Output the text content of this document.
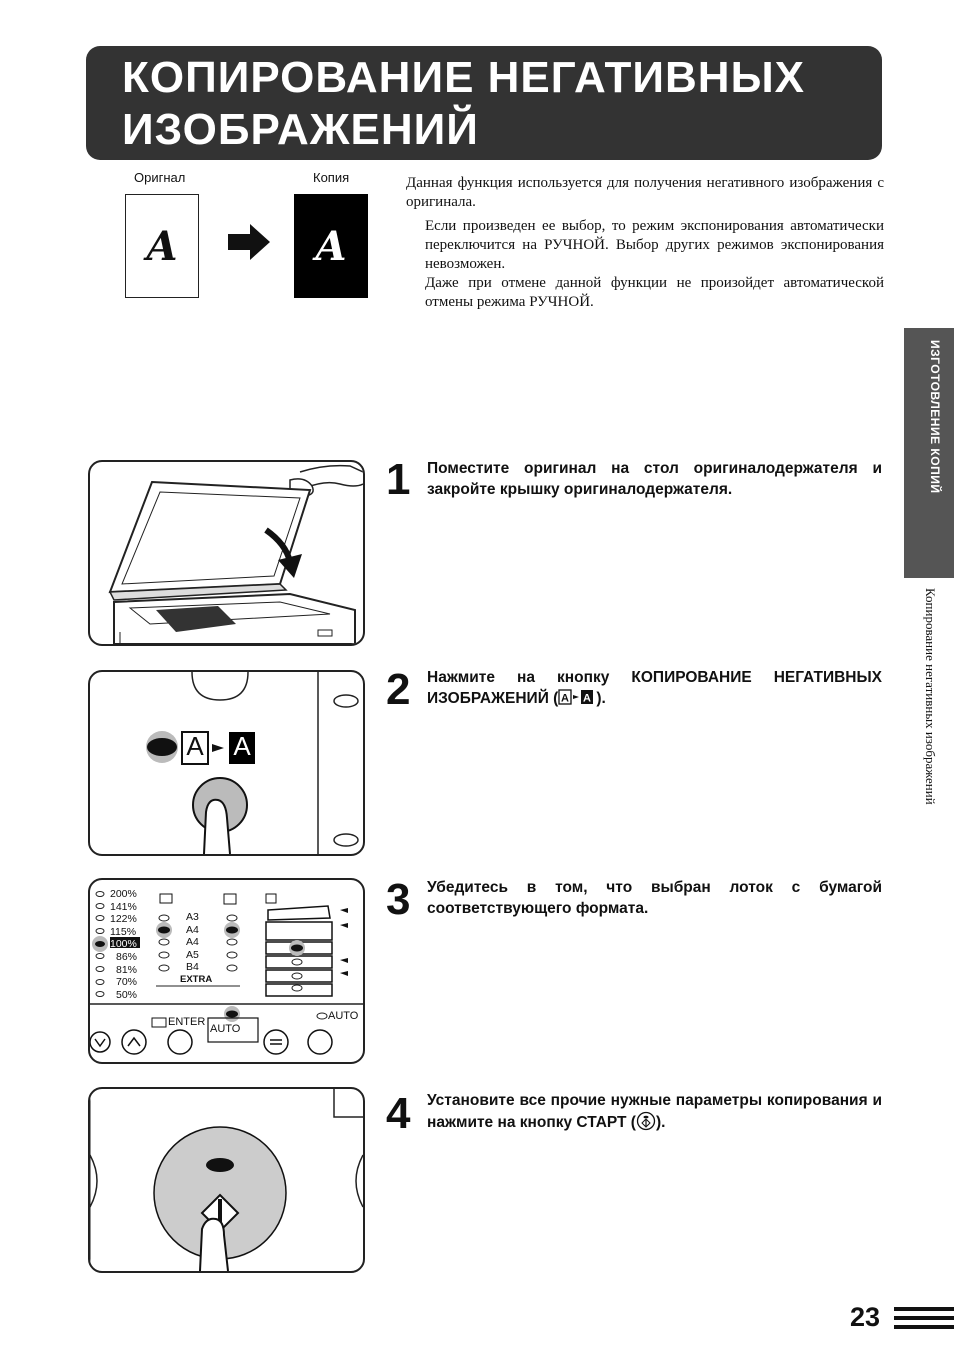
КОПИРОВАНИЕ НЕГАТИВНЫХ
ИЗОБРАЖЕНИЙ
Оригнал	Копия
A	A

Данная функция используется для получения негативного изображения с оригинала.

Если произведен ее выбор, то режим экспонирования автоматически переключится на РУЧНОЙ. Выбор других режимов экспонирования невозможен.

Даже при отмене данной функции не произойдет автоматической отмены режима РУЧНОЙ.

ИЗГОТОВЛЕНИЕ КОПИЙ
Копирование негативных изображений
1 Поместите оригинал на стол оригиналодержателя и закройте крышку оригиналодержателя.
A A
2 Нажмите на кнопку КОПИРОВАНИЕ НЕГАТИВНЫХ ИЗОБРАЖЕНИЙ ( A A ).
200%
141%
122%
115%
100%
86%
81%
70%
50%
A3
A4
A4
A5
B4
EXTRA
ENTER
AUTO
AUTO
3 Убедитесь в том, что выбран лоток с бумагой соответствующего формата.
4 Установите все прочие нужные параметры копирования и нажмите на кнопку СТАРТ ( ).
23
